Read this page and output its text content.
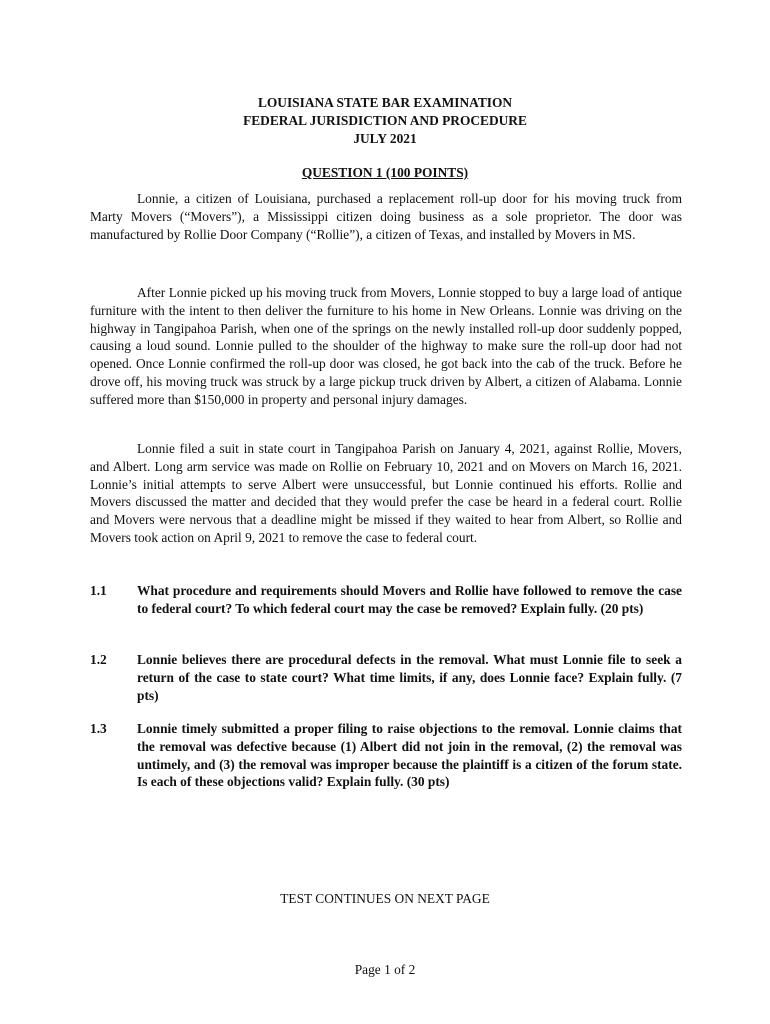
LOUISIANA STATE BAR EXAMINATION
FEDERAL JURISDICTION AND PROCEDURE
JULY 2021
QUESTION 1 (100 POINTS)

Lonnie, a citizen of Louisiana, purchased a replacement roll-up door for his moving truck from Marty Movers (“Movers”), a Mississippi citizen doing business as a sole proprietor. The door was manufactured by Rollie Door Company (“Rollie”), a citizen of Texas, and installed by Movers in MS.

After Lonnie picked up his moving truck from Movers, Lonnie stopped to buy a large load of antique furniture with the intent to then deliver the furniture to his home in New Orleans. Lonnie was driving on the highway in Tangipahoa Parish, when one of the springs on the newly installed roll-up door suddenly popped, causing a loud sound. Lonnie pulled to the shoulder of the highway to make sure the roll-up door had not opened. Once Lonnie confirmed the roll-up door was closed, he got back into the cab of the truck. Before he drove off, his moving truck was struck by a large pickup truck driven by Albert, a citizen of Alabama. Lonnie suffered more than $150,000 in property and personal injury damages.

Lonnie filed a suit in state court in Tangipahoa Parish on January 4, 2021, against Rollie, Movers, and Albert. Long arm service was made on Rollie on February 10, 2021 and on Movers on March 16, 2021. Lonnie’s initial attempts to serve Albert were unsuccessful, but Lonnie continued his efforts. Rollie and Movers discussed the matter and decided that they would prefer the case be heard in a federal court. Rollie and Movers were nervous that a deadline might be missed if they waited to hear from Albert, so Rollie and Movers took action on April 9, 2021 to remove the case to federal court.

1.1	What procedure and requirements should Movers and Rollie have followed to remove the case to federal court? To which federal court may the case be removed? Explain fully. (20 pts)
1.2	Lonnie believes there are procedural defects in the removal. What must Lonnie file to seek a return of the case to state court? What time limits, if any, does Lonnie face? Explain fully. (7 pts)
1.3	Lonnie timely submitted a proper filing to raise objections to the removal. Lonnie claims that the removal was defective because (1) Albert did not join in the removal, (2) the removal was untimely, and (3) the removal was improper because the plaintiff is a citizen of the forum state. Is each of these objections valid? Explain fully. (30 pts)
TEST CONTINUES ON NEXT PAGE
Page 1 of 2
